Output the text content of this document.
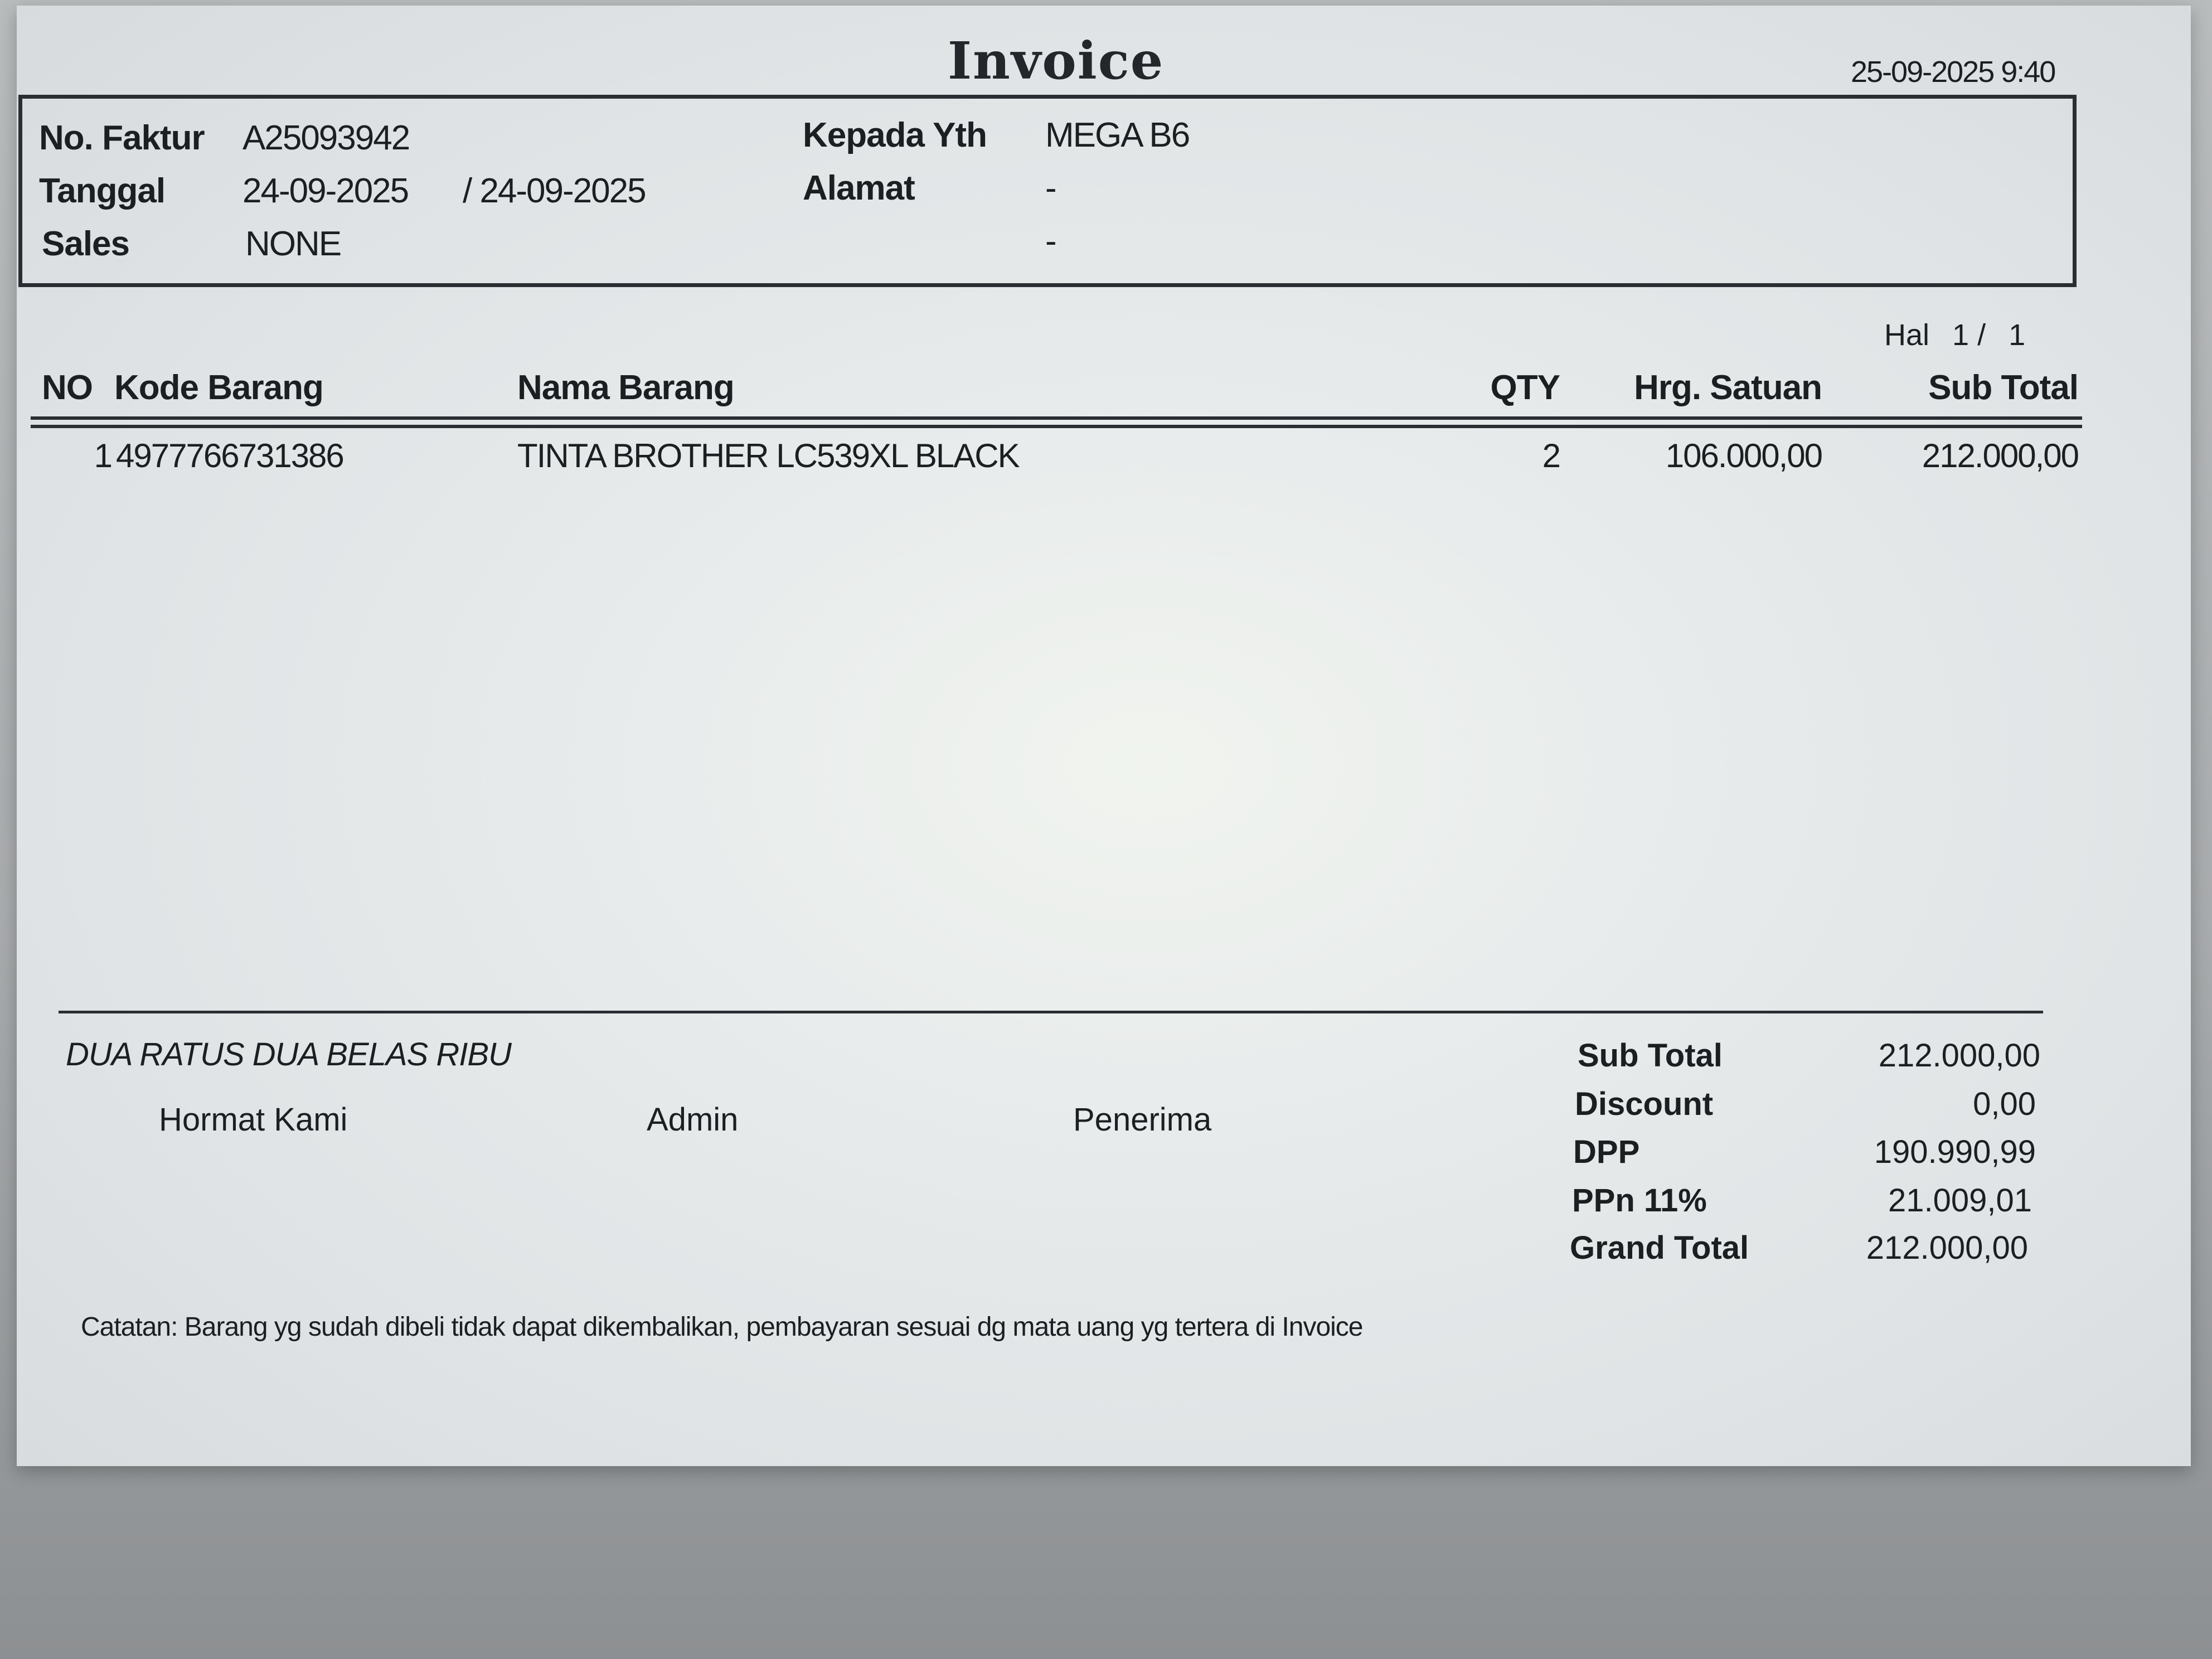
Invoice	25-09-2025 9:40
No. Faktur A25093942
Tanggal 24-09-2025 / 24-09-2025
Sales	NONE
Kepada Yth MEGA B6
Alamat	-
-
Hal 1 / 1
NO Kode Barang	Nama Barang	QTY	Hrg. Satuan	Sub Total
1 4977766731386	TINTA BROTHER LC539XL BLACK	2	106.000,00	212.000,00
DUA RATUS DUA BELAS RIBU
Hormat Kami	Admin	Penerima
Sub Total	212.000,00
Discount	0,00
DPP	190.990,99
PPn 11%	21.009,01
Grand Total	212.000,00
Catatan: Barang yg sudah dibeli tidak dapat dikembalikan, pembayaran sesuai dg mata uang yg tertera di Invoice
